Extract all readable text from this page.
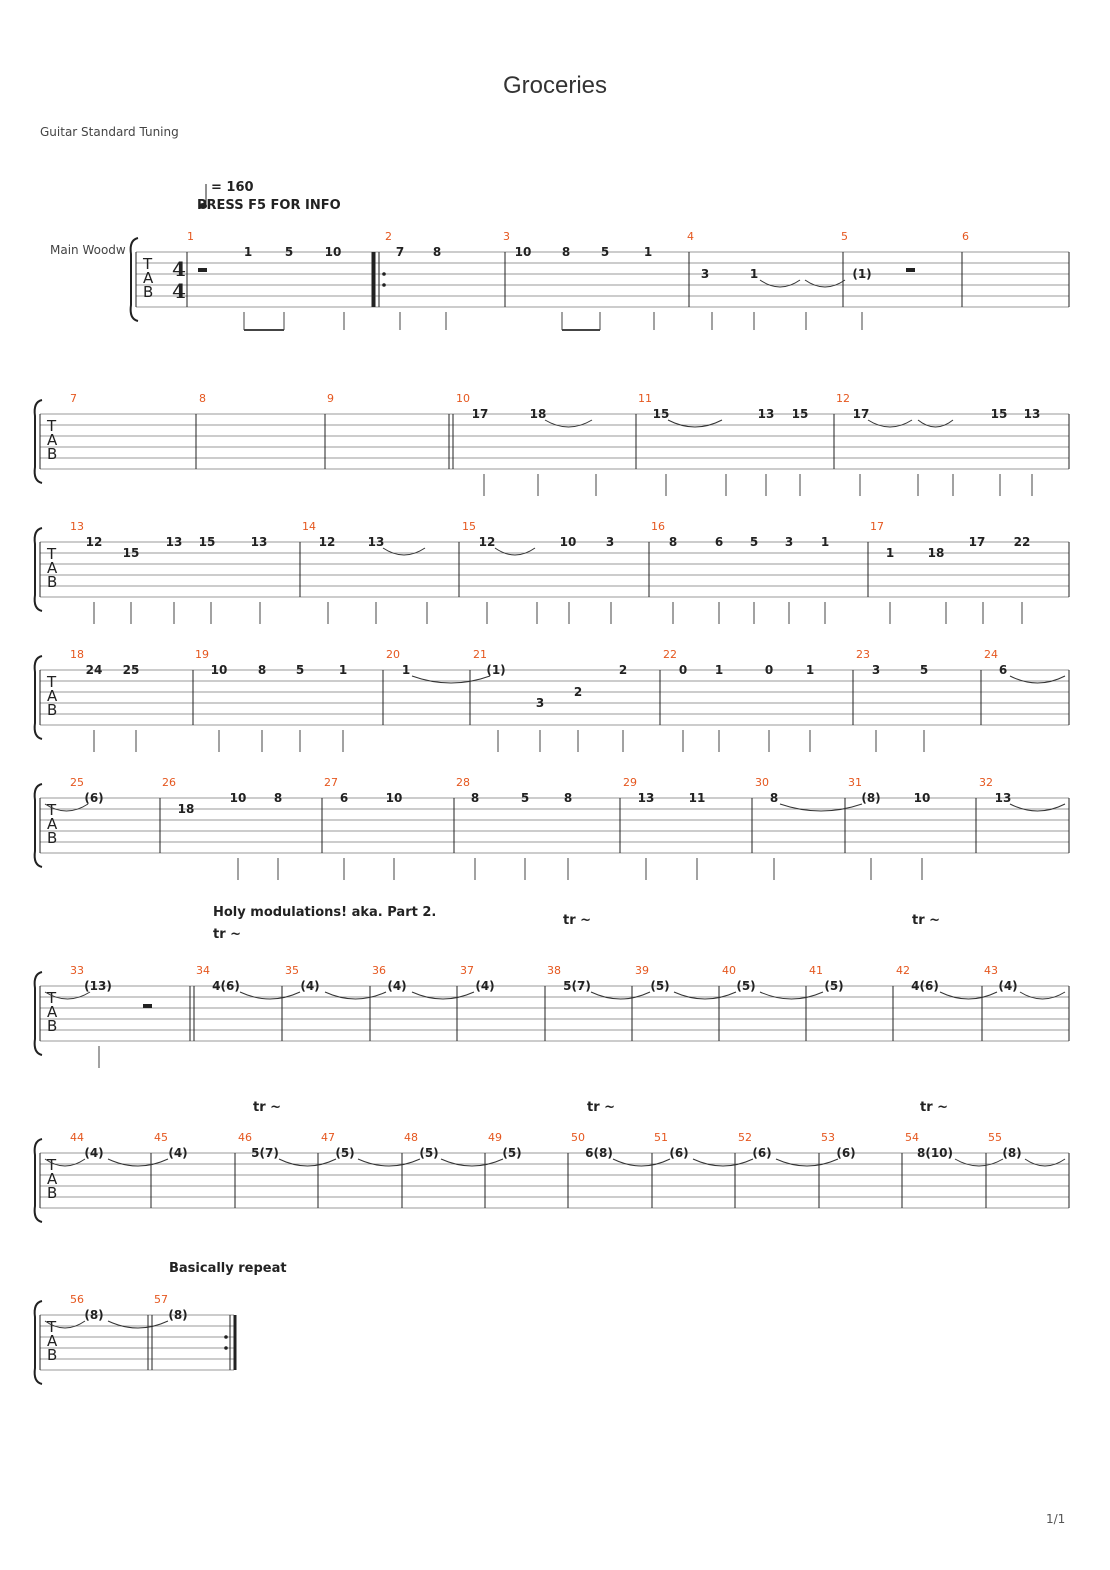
Groceries
Guitar Standard Tuning
= 160
PRESS F5 FOR INFO
Main Woodw
Holy modulations! aka. Part 2.
Basically repeat
tr ~
tr ~	tr ~
tr ~	tr ~	tr ~
T
A
B
1	2	3	4	5	6
1	5	10	7 8	10	8	5	1
3	1	(1)
T
A
B
7	8	9	10	11	12
17	18	15	13 15	17	15 13
T
A
B
13	14	15	16	17
12
15
13 15	13	12	13	12	10 3	8	6 5 3 1
1	18
17 22
T
A
B
18	19	20	21	22	23	24
24 25	10	8 5	1	1	(1)
3
2
2	0 1	0	1	3	5	6
T
A
B
25	26	27	28	29	30	31	32
(6)
18
10 8	6	10	8	5	8	13	11	8	(8)	10	13
T
A
B
33	34	35	36	37	38	39	40	41	42	43
(13)	4(6)	(4)	(4)	(4)	5(7)	(5)	(5)	(5)	4(6)	(4)
T
A
B
44	45	46	47	48	49	50	51	52	53	54	55
(4)	(4)	5(7)	(5)	(5)	(5)	6(8)	(6)	(6)	(6)	8(10)	(8)
T
A
B
56	57
(8)	(8)
4
4
1/1
